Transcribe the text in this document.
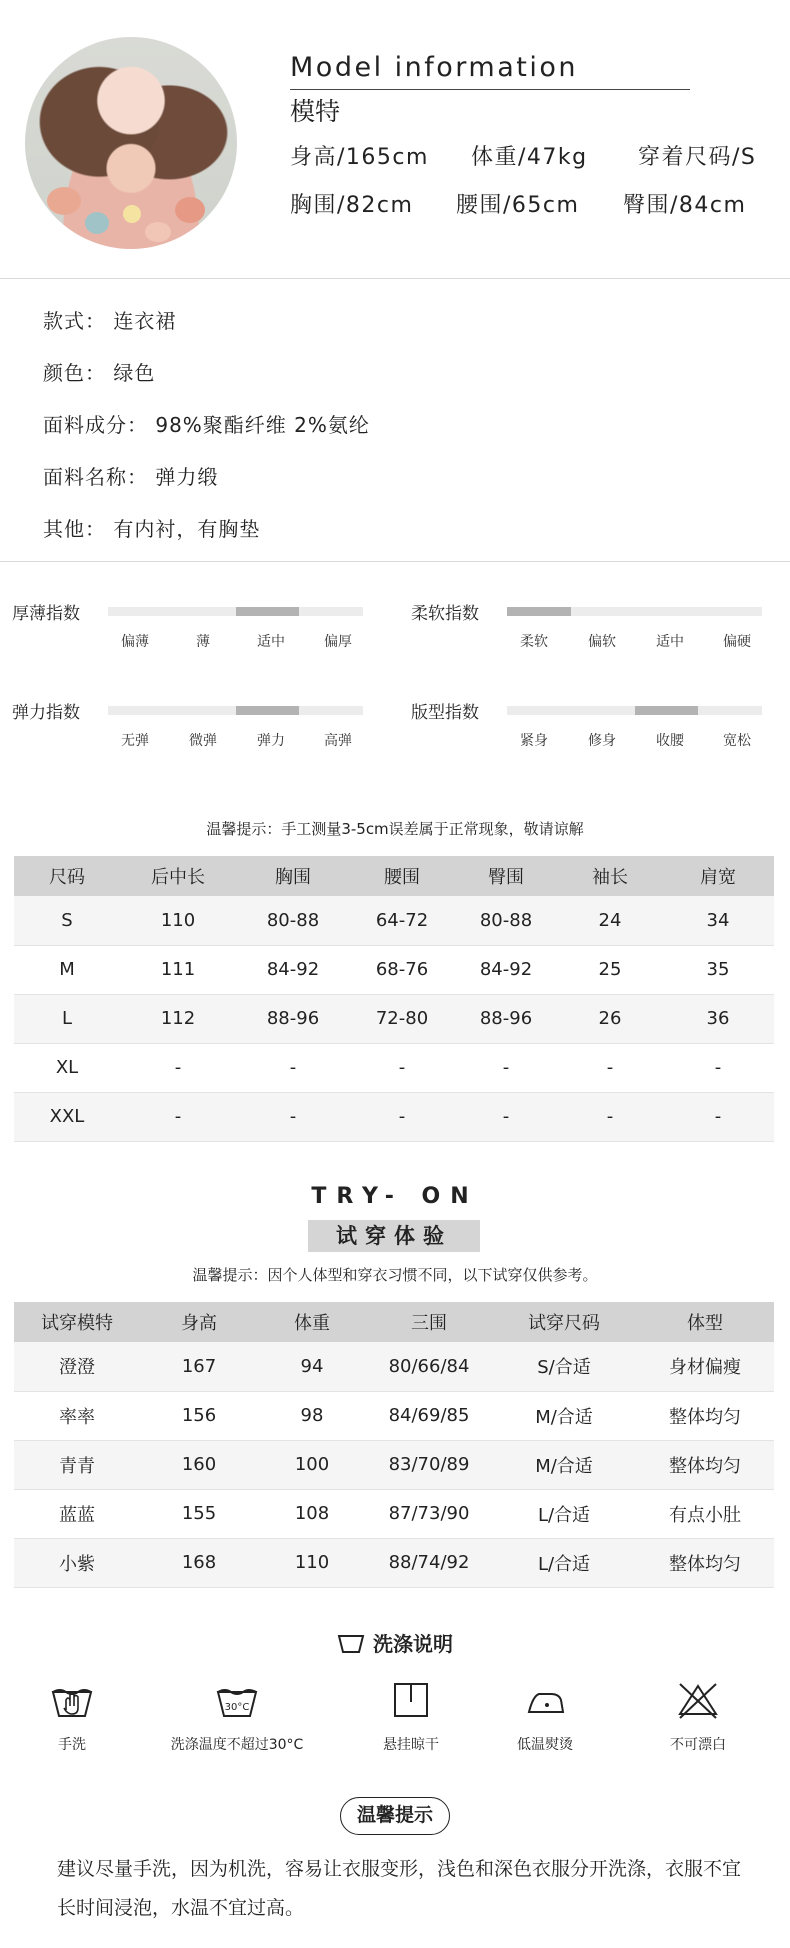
Model information
模特
身高/165cm 体重/47kg 穿着尺码/S
胸围/82cm 腰围/65cm 臀围/84cm
款式： 连衣裙
颜色： 绿色
面料成分： 98%聚酯纤维 2%氨纶
面料名称： 弹力缎
其他： 有内衬，有胸垫
厚薄指数
偏薄	薄	适中	偏厚
柔软指数
柔软	偏软	适中	偏硬
弹力指数
无弹	微弹	弹力	高弹
版型指数
紧身	修身	收腰	宽松
温馨提示：手工测量3-5cm误差属于正常现象，敬请谅解
尺码	后中长	胸围	腰围	臀围	袖长	肩宽
S	110	80-88	64-72	80-88	24	34
M	111	84-92	68-76	84-92	25	35
L	112	88-96	72-80	88-96	26	36
XL	-	-	-	-	-	-
XXL	-	-	-	-	-	-
TRY- ON
试穿体验
温馨提示：因个人体型和穿衣习惯不同，以下试穿仅供参考。
试穿模特	身高	体重	三围	试穿尺码	体型
澄澄	167	94	80/66/84	S/合适	身材偏瘦
率率	156	98	84/69/85	M/合适	整体均匀
青青	160	100	83/70/89	M/合适	整体均匀
蓝蓝	155	108	87/73/90	L/合适	有点小肚
小紫	168	110	88/74/92	L/合适	整体均匀
洗涤说明
手洗
30°C
洗涤温度不超过30°C	悬挂晾干	低温熨烫	不可漂白
温馨提示
建议尽量手洗，因为机洗，容易让衣服变形，浅色和深色衣服分开洗涤，衣服不宜长时间浸泡，水温不宜过高。
